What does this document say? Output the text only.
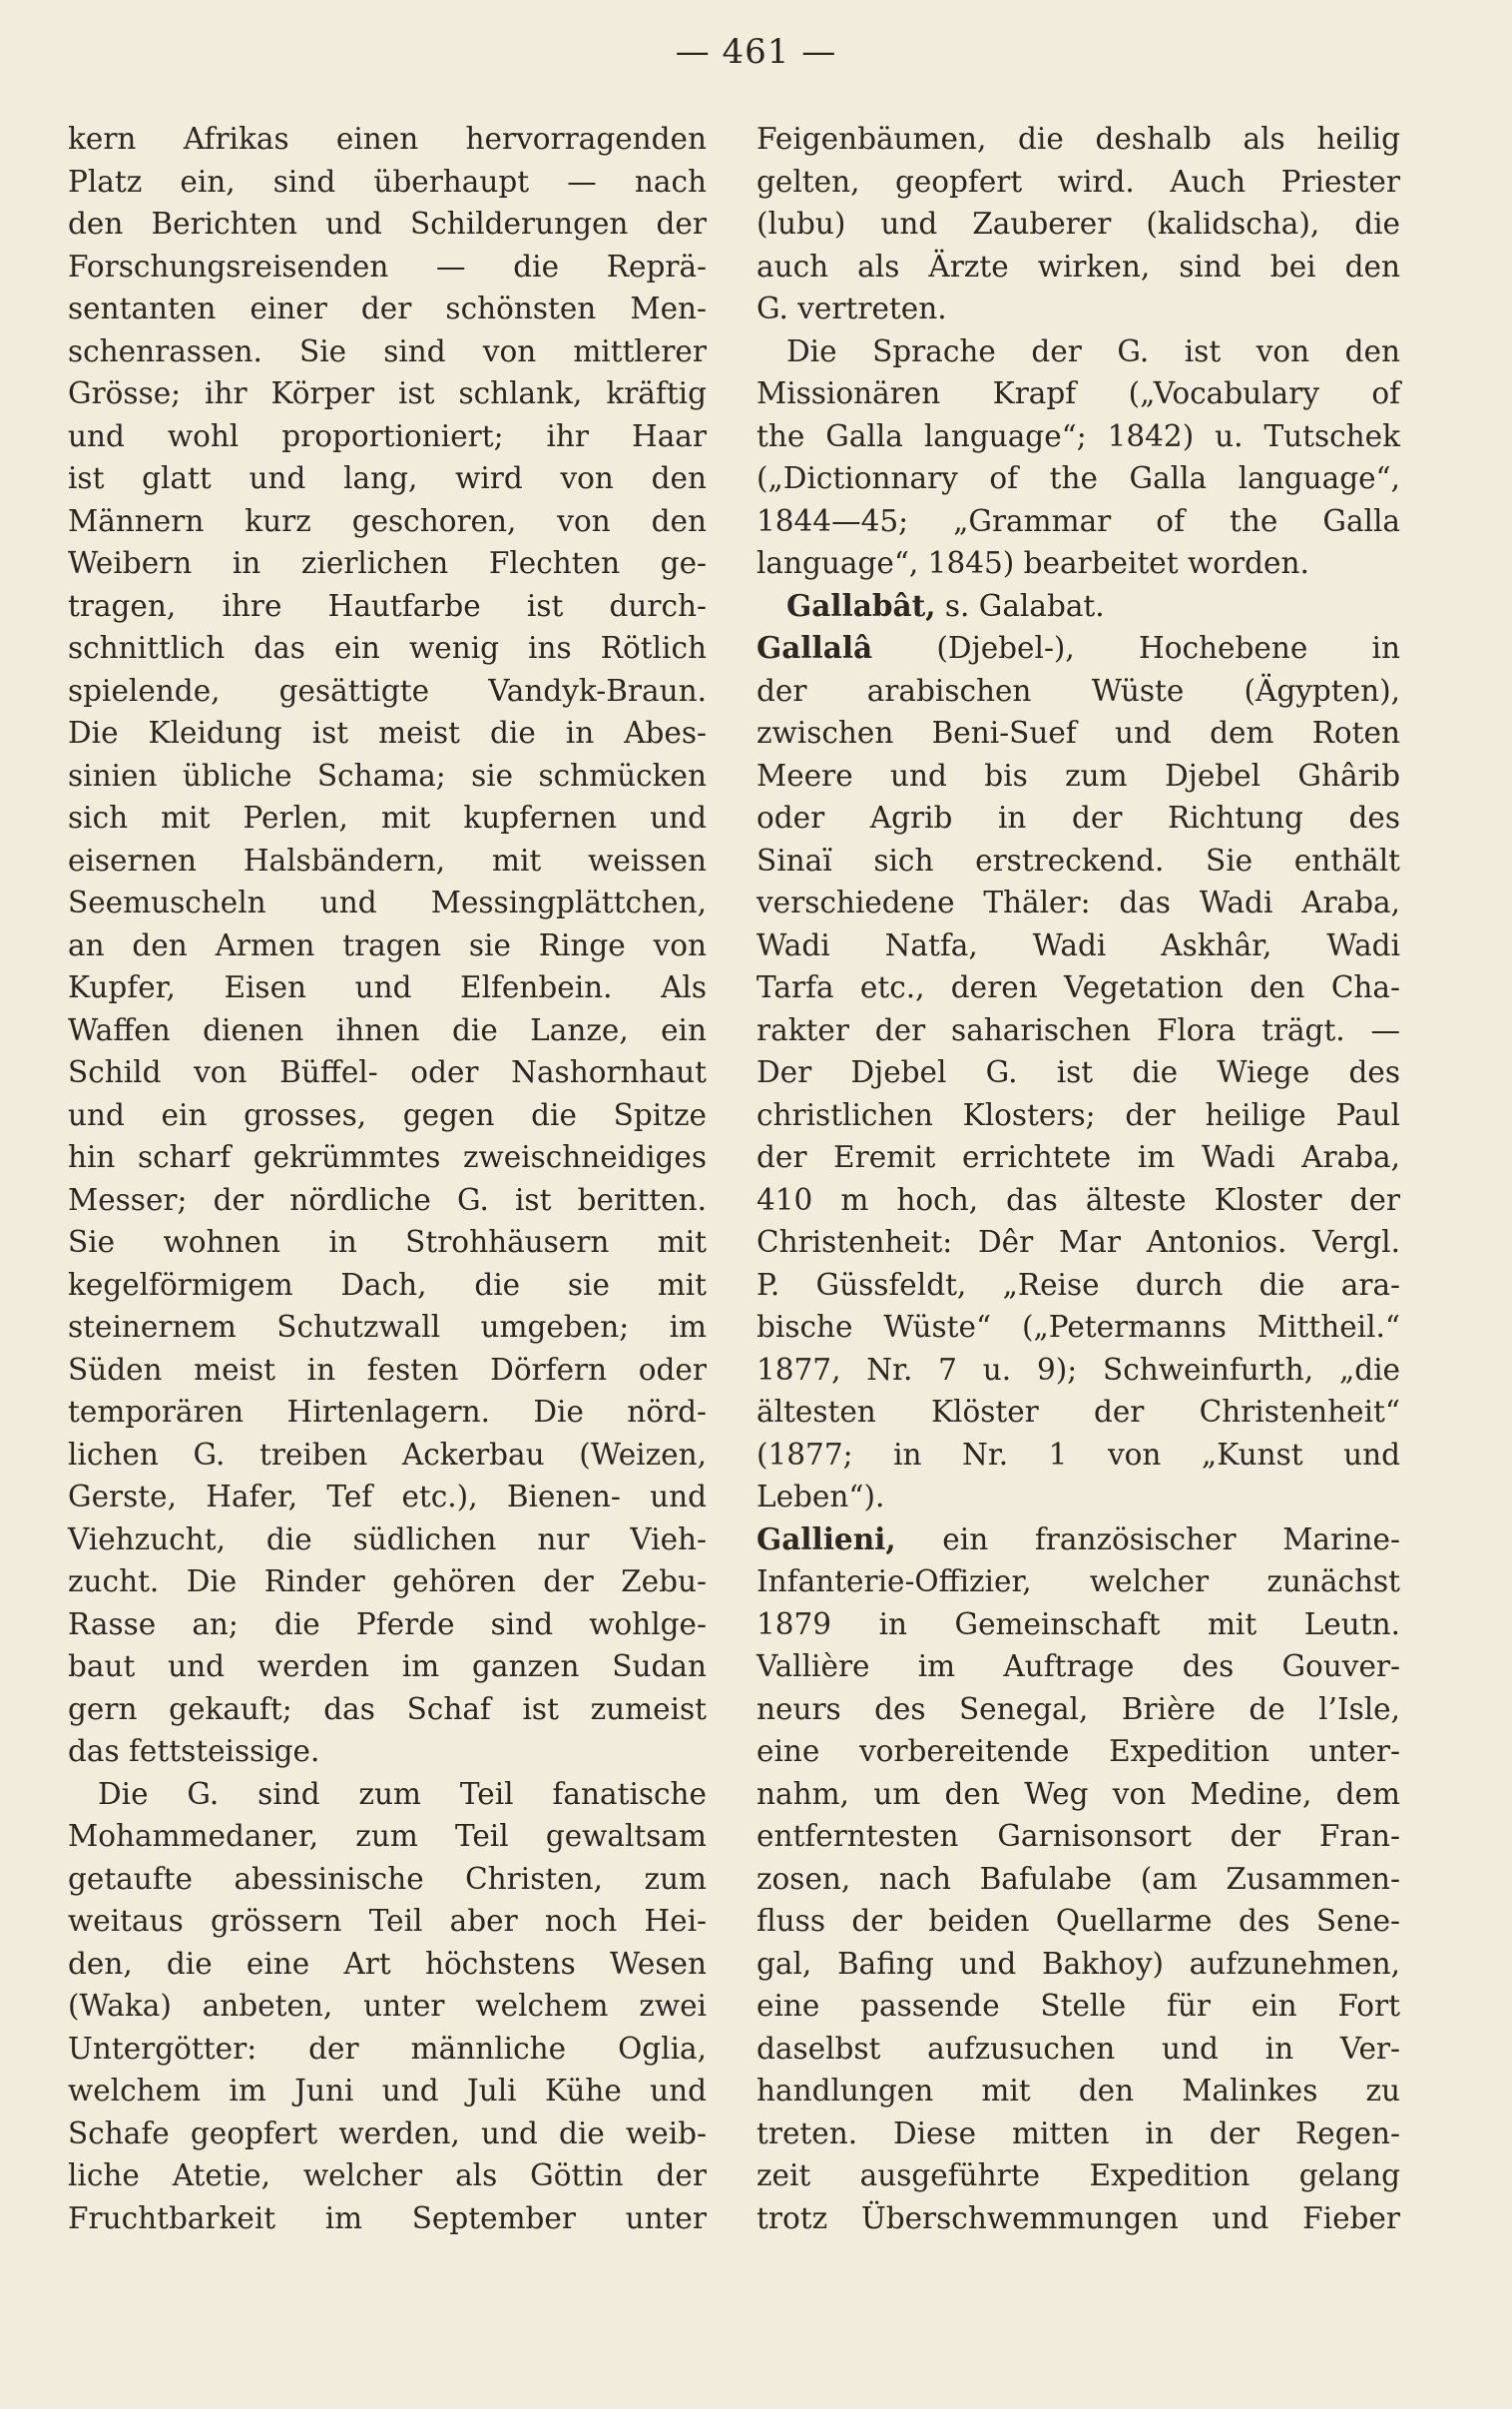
— 461 —
kern Afrikas einen hervorragenden
Platz ein, sind überhaupt — nach
den Berichten und Schilderungen der
Forschungsreisenden — die Reprä-
sentanten einer der schönsten Men-
schenrassen. Sie sind von mittlerer
Grösse; ihr Körper ist schlank, kräftig
und wohl proportioniert; ihr Haar
ist glatt und lang, wird von den
Männern kurz geschoren, von den
Weibern in zierlichen Flechten ge-
tragen, ihre Hautfarbe ist durch-
schnittlich das ein wenig ins Rötlich
spielende, gesättigte Vandyk-Braun.
Die Kleidung ist meist die in Abes-
sinien übliche Schama; sie schmücken
sich mit Perlen, mit kupfernen und
eisernen Halsbändern, mit weissen
Seemuscheln und Messingplättchen,
an den Armen tragen sie Ringe von
Kupfer, Eisen und Elfenbein. Als
Waffen dienen ihnen die Lanze, ein
Schild von Büffel- oder Nashornhaut
und ein grosses, gegen die Spitze
hin scharf gekrümmtes zweischneidiges
Messer; der nördliche G. ist beritten.
Sie wohnen in Strohhäusern mit
kegelförmigem Dach, die sie mit
steinernem Schutzwall umgeben; im
Süden meist in festen Dörfern oder
temporären Hirtenlagern. Die nörd-
lichen G. treiben Ackerbau (Weizen,
Gerste, Hafer, Tef etc.), Bienen- und
Viehzucht, die südlichen nur Vieh-
zucht. Die Rinder gehören der Zebu-
Rasse an; die Pferde sind wohlge-
baut und werden im ganzen Sudan
gern gekauft; das Schaf ist zumeist
das fettsteissige.
Die G. sind zum Teil fanatische
Mohammedaner, zum Teil gewaltsam
getaufte abessinische Christen, zum
weitaus grössern Teil aber noch Hei-
den, die eine Art höchstens Wesen
(Waka) anbeten, unter welchem zwei
Untergötter: der männliche Oglia,
welchem im Juni und Juli Kühe und
Schafe geopfert werden, und die weib-
liche Atetie, welcher als Göttin der
Fruchtbarkeit im September unter
Feigenbäumen, die deshalb als heilig
gelten, geopfert wird. Auch Priester
(lubu) und Zauberer (kalidscha), die
auch als Ärzte wirken, sind bei den
G. vertreten.
Die Sprache der G. ist von den
Missionären Krapf („Vocabulary of
the Galla language“; 1842) u. Tutschek
(„Dictionnary of the Galla language“,
1844—45; „Grammar of the Galla
language“, 1845) bearbeitet worden.
Gallabât, s. Galabat.
Gallalâ (Djebel-), Hochebene in
der arabischen Wüste (Ägypten),
zwischen Beni-Suef und dem Roten
Meere und bis zum Djebel Ghârib
oder Agrib in der Richtung des
Sinaï sich erstreckend. Sie enthält
verschiedene Thäler: das Wadi Araba,
Wadi Natfa, Wadi Askhâr, Wadi
Tarfa etc., deren Vegetation den Cha-
rakter der saharischen Flora trägt. —
Der Djebel G. ist die Wiege des
christlichen Klosters; der heilige Paul
der Eremit errichtete im Wadi Araba,
410 m hoch, das älteste Kloster der
Christenheit: Dêr Mar Antonios. Vergl.
P. Güssfeldt, „Reise durch die ara-
bische Wüste“ („Petermanns Mittheil.“
1877, Nr. 7 u. 9); Schweinfurth, „die
ältesten Klöster der Christenheit“
(1877; in Nr. 1 von „Kunst und
Leben“).
Gallieni, ein französischer Marine-
Infanterie-Offizier, welcher zunächst
1879 in Gemeinschaft mit Leutn.
Vallière im Auftrage des Gouver-
neurs des Senegal, Brière de l’Isle,
eine vorbereitende Expedition unter-
nahm, um den Weg von Medine, dem
entferntesten Garnisonsort der Fran-
zosen, nach Bafulabe (am Zusammen-
fluss der beiden Quellarme des Sene-
gal, Bafing und Bakhoy) aufzunehmen,
eine passende Stelle für ein Fort
daselbst aufzusuchen und in Ver-
handlungen mit den Malinkes zu
treten. Diese mitten in der Regen-
zeit ausgeführte Expedition gelang
trotz Überschwemmungen und Fieber
